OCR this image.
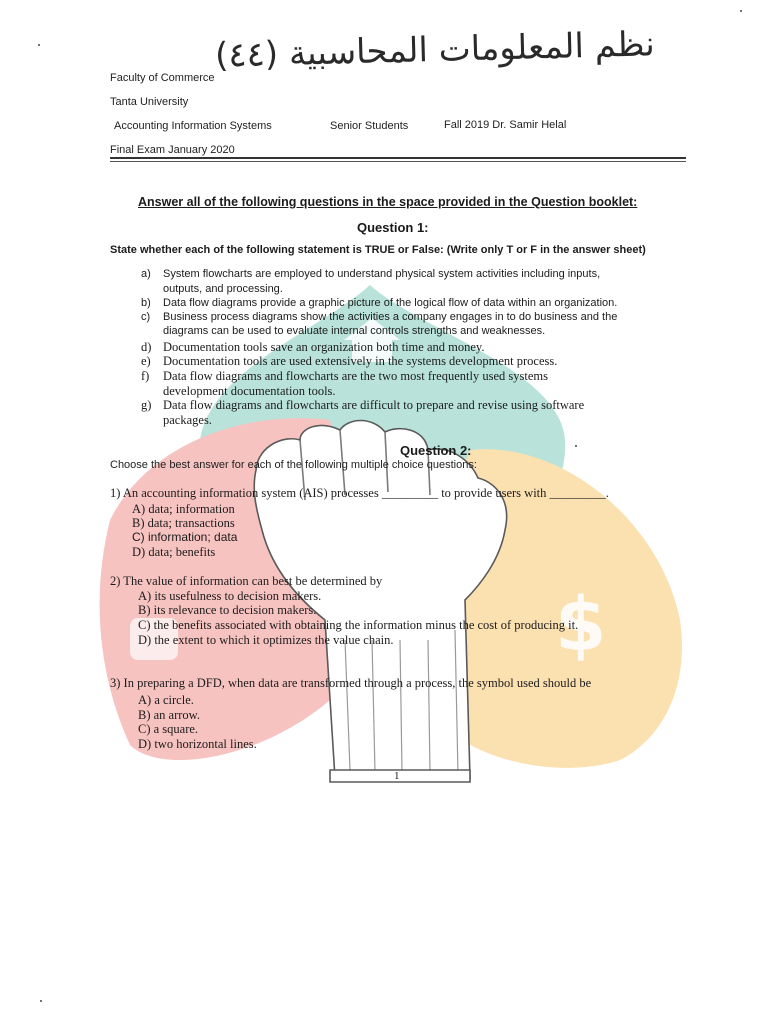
$
نظم المعلومات المحاسبية (٤٤)
Faculty of Commerce
Tanta University
Accounting Information Systems	Senior Students	Fall 2019 Dr. Samir Helal
Final Exam January 2020
Answer all of the following questions in the space provided in the Question booklet:
Question 1:
State whether each of the following statement is TRUE or False: (Write only T or F in the answer sheet)
a) System flowcharts are employed to understand physical system activities including inputs,
outputs, and processing.
b) Data flow diagrams provide a graphic picture of the logical flow of data within an organization.
c) Business process diagrams show the activities a company engages in to do business and the
diagrams can be used to evaluate internal controls strengths and weaknesses.
d) Documentation tools save an organization both time and money.
e) Documentation tools are used extensively in the systems development process.
f) Data flow diagrams and flowcharts are the two most frequently used systems
development documentation tools.
g) Data flow diagrams and flowcharts are difficult to prepare and revise using software
packages.
Question 2:
Choose the best answer for each of the following multiple choice questions:
1) An accounting information system (AIS) processes _________ to provide users with _________.
A) data; information
B) data; transactions
C) information; data
D) data; benefits
2) The value of information can best be determined by
A) its usefulness to decision makers.
B) its relevance to decision makers.
C) the benefits associated with obtaining the information minus the cost of producing it.
D) the extent to which it optimizes the value chain.
3) In preparing a DFD, when data are transformed through a process, the symbol used should be
A) a circle.
B) an arrow.
C) a square.
D) two horizontal lines.
1
